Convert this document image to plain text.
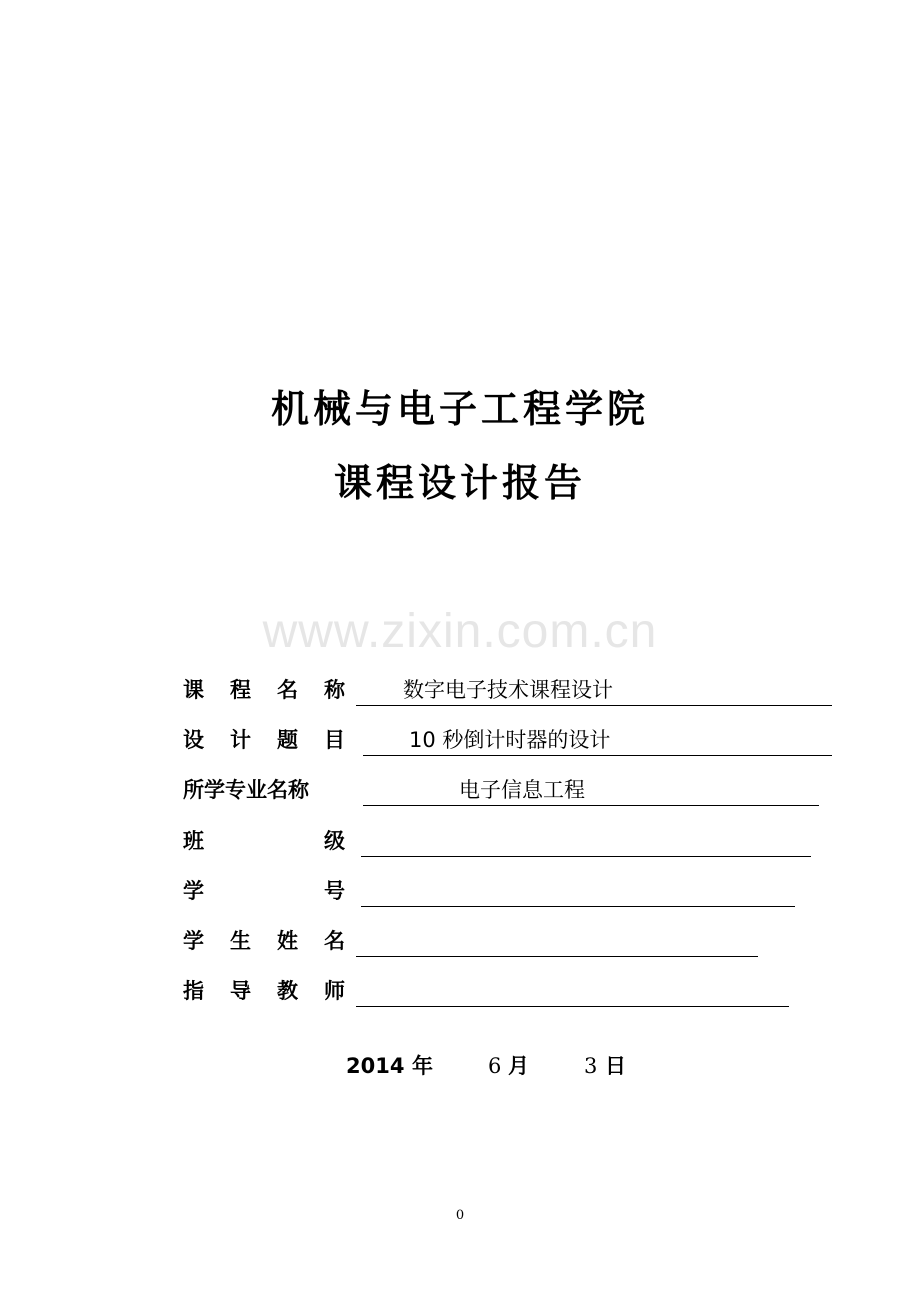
机械与电子工程学院
课程设计报告
www.zixin.com.cn
课 程 名 称	数字电子技术课程设计
设 计 题 目	10 秒倒计时器的设计
所学专业名称	电子信息工程
班	级
学	号
学 生 姓 名
指 导 教 师
2014 年	6 月	3 日
0
